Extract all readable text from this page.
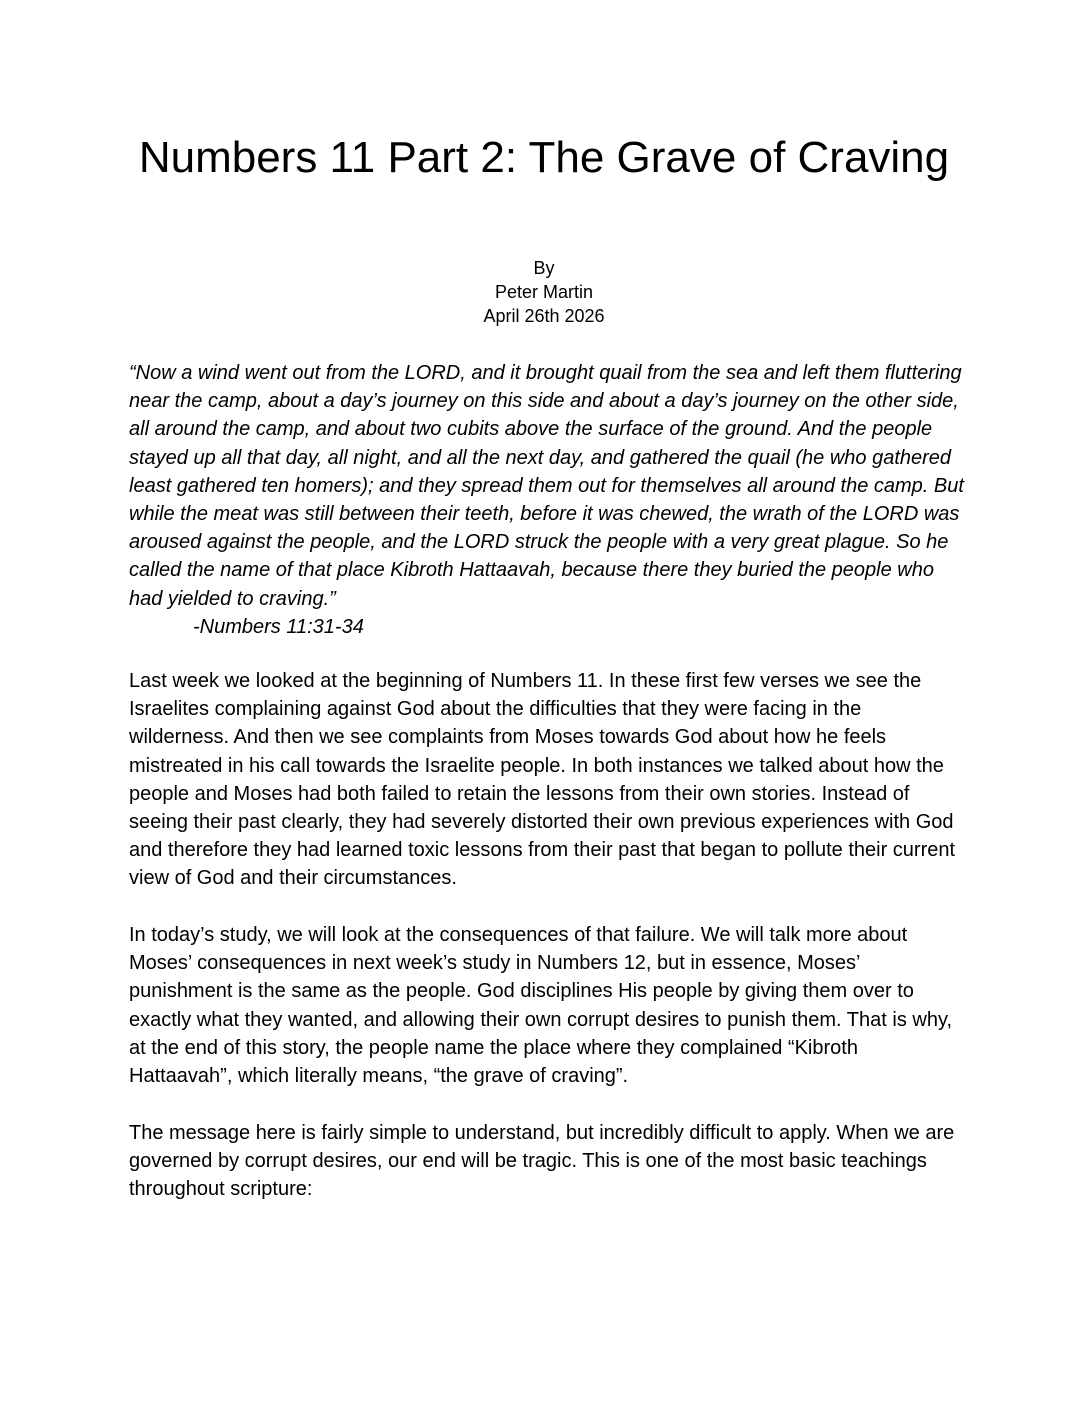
Numbers 11 Part 2: The Grave of Craving
By
Peter Martin
April 26th 2026

“Now a wind went out from the LORD, and it brought quail from the sea and left them fluttering near the camp, about a day’s journey on this side and about a day’s journey on the other side, all around the camp, and about two cubits above the surface of the ground. And the people stayed up all that day, all night, and all the next day, and gathered the quail (he who gathered least gathered ten homers); and they spread them out for themselves all around the camp. But while the meat was still between their teeth, before it was chewed, the wrath of the LORD was aroused against the people, and the LORD struck the people with a very great plague. So he called the name of that place Kibroth Hattaavah, because there they buried the people who had yielded to craving.”

-Numbers 11:31-34

Last week we looked at the beginning of Numbers 11. In these first few verses we see the Israelites complaining against God about the difficulties that they were facing in the wilderness. And then we see complaints from Moses towards God about how he feels mistreated in his call towards the Israelite people. In both instances we talked about how the people and Moses had both failed to retain the lessons from their own stories. Instead of seeing their past clearly, they had severely distorted their own previous experiences with God and therefore they had learned toxic lessons from their past that began to pollute their current view of God and their circumstances.

In today’s study, we will look at the consequences of that failure. We will talk more about Moses’ consequences in next week’s study in Numbers 12, but in essence, Moses’ punishment is the same as the people. God disciplines His people by giving them over to exactly what they wanted, and allowing their own corrupt desires to punish them. That is why, at the end of this story, the people name the place where they complained “Kibroth Hattaavah”, which literally means, “the grave of craving”.

The message here is fairly simple to understand, but incredibly difficult to apply. When we are governed by corrupt desires, our end will be tragic. This is one of the most basic teachings throughout scripture:
